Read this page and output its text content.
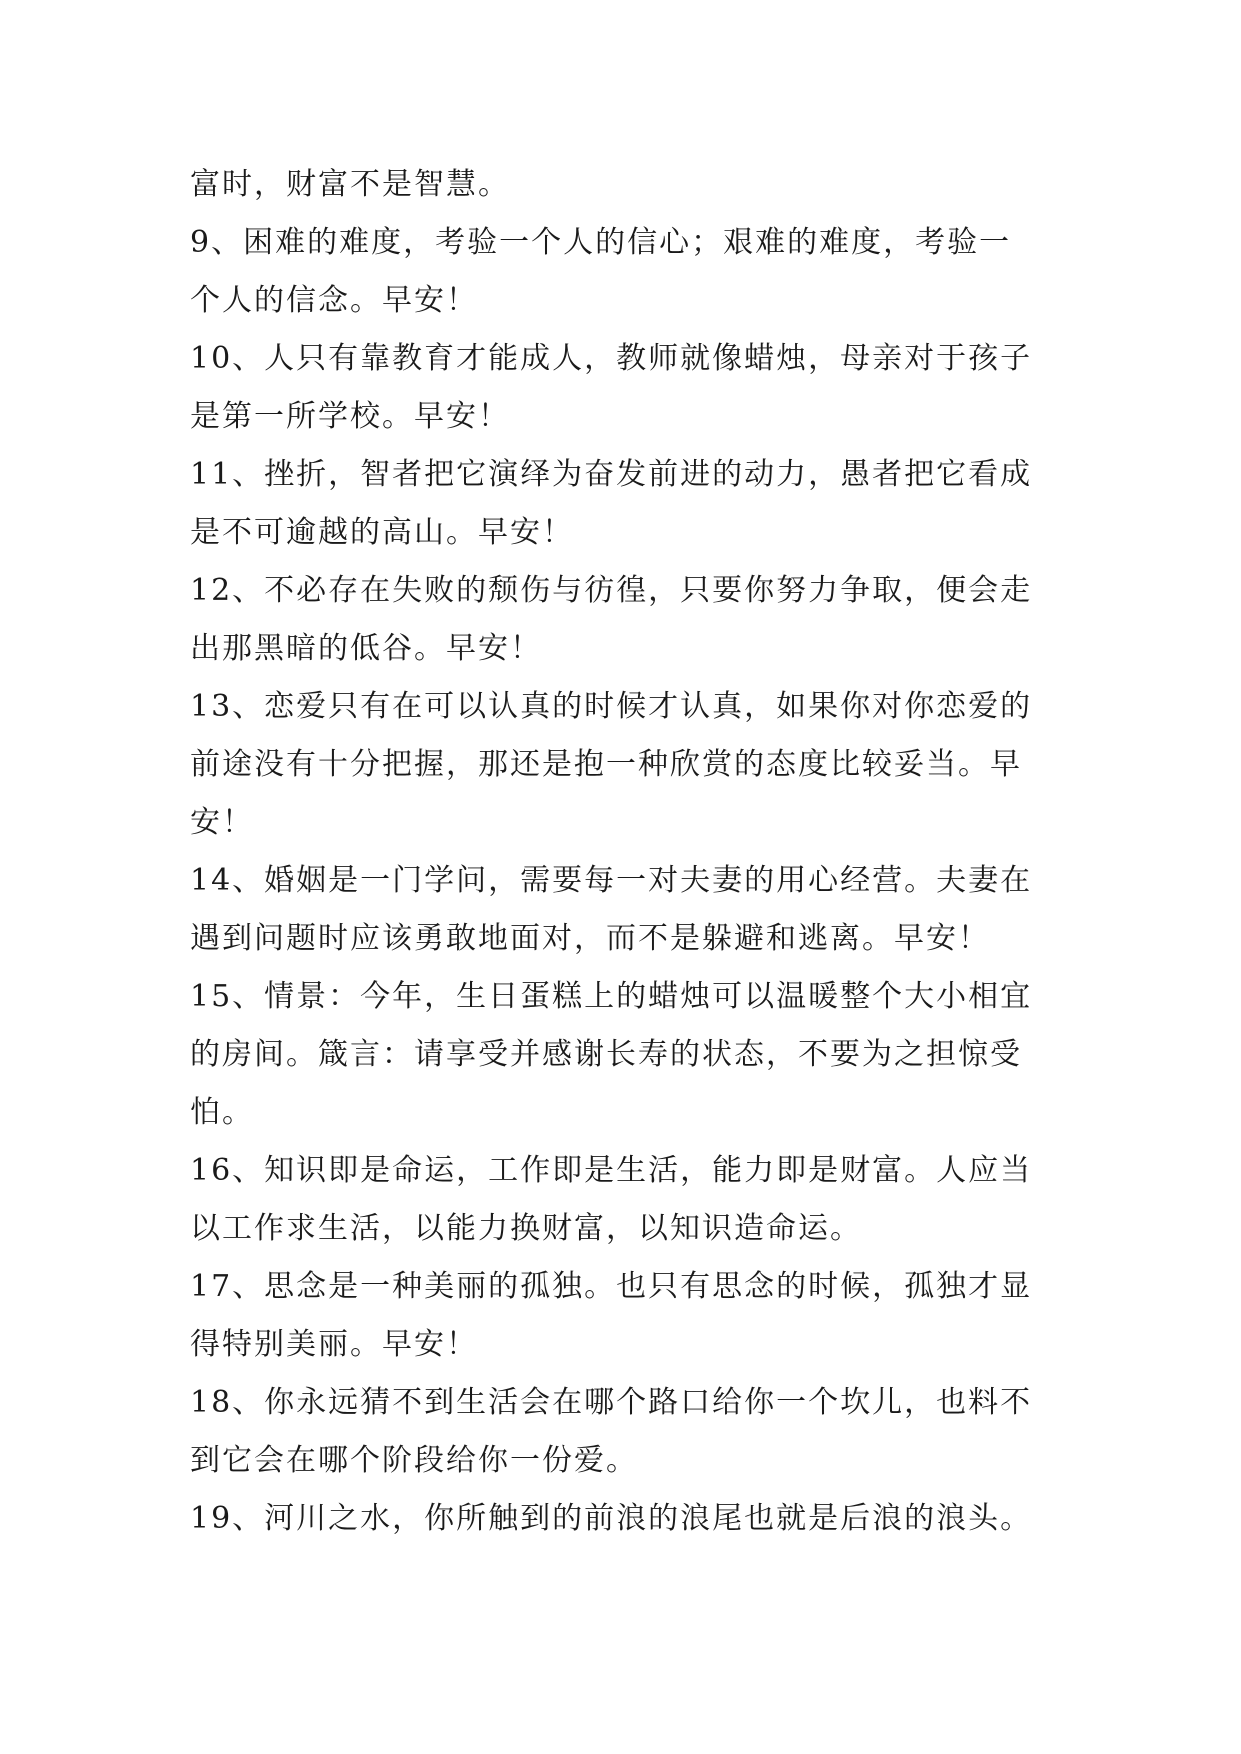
富时，财富不是智慧。
9、困难的难度，考验一个人的信心；艰难的难度，考验一
个人的信念。早安！
10、人只有靠教育才能成人，教师就像蜡烛，母亲对于孩子
是第一所学校。早安！
11、挫折，智者把它演绎为奋发前进的动力，愚者把它看成
是不可逾越的高山。早安！
12、不必存在失败的颓伤与彷徨，只要你努力争取，便会走
出那黑暗的低谷。早安！
13、恋爱只有在可以认真的时候才认真，如果你对你恋爱的
前途没有十分把握，那还是抱一种欣赏的态度比较妥当。早
安！
14、婚姻是一门学问，需要每一对夫妻的用心经营。夫妻在
遇到问题时应该勇敢地面对，而不是躲避和逃离。早安！
15、情景：今年，生日蛋糕上的蜡烛可以温暖整个大小相宜
的房间。箴言：请享受并感谢长寿的状态，不要为之担惊受
怕。
16、知识即是命运，工作即是生活，能力即是财富。人应当
以工作求生活，以能力换财富，以知识造命运。
17、思念是一种美丽的孤独。也只有思念的时候，孤独才显
得特别美丽。早安！
18、你永远猜不到生活会在哪个路口给你一个坎儿，也料不
到它会在哪个阶段给你一份爱。
19、河川之水，你所触到的前浪的浪尾也就是后浪的浪头。
